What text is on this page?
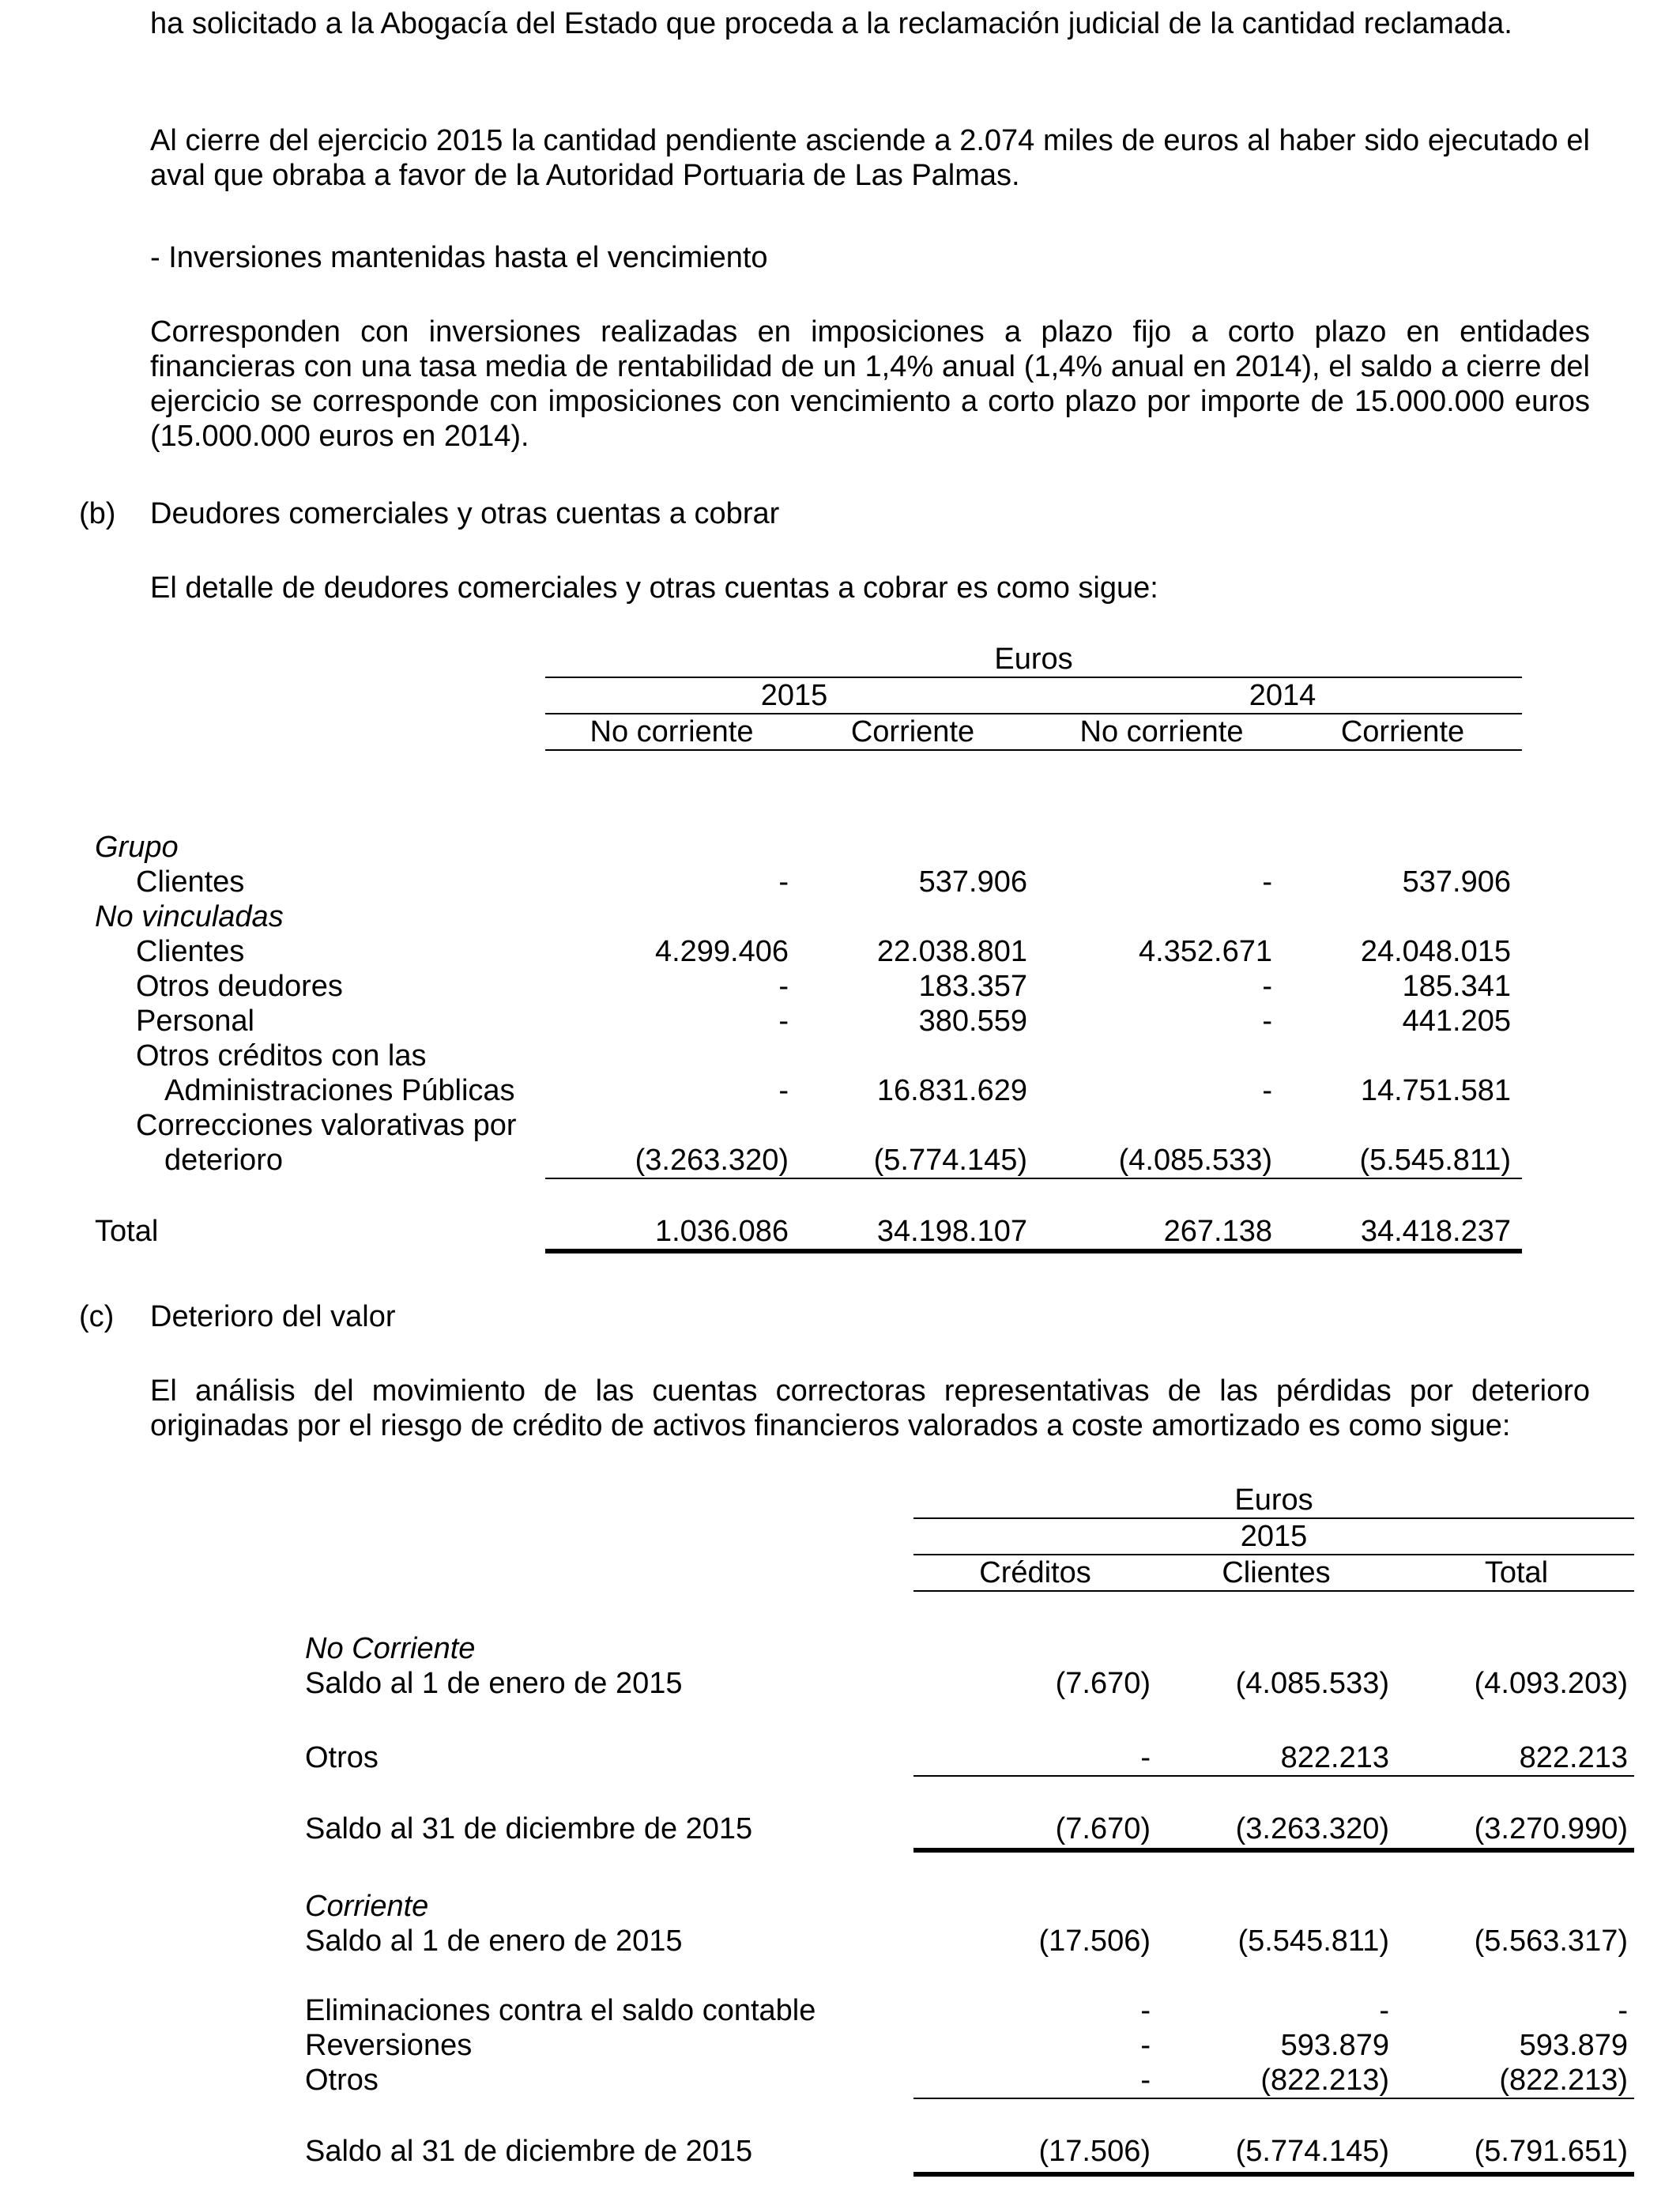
ha solicitado a la Abogacía del Estado que proceda a la reclamación judicial de la cantidad reclamada.

Al cierre del ejercicio 2015 la cantidad pendiente asciende a 2.074 miles de euros al haber sido ejecutado el aval que obraba a favor de la Autoridad Portuaria de Las Palmas.

- Inversiones mantenidas hasta el vencimiento

Corresponden con inversiones realizadas en imposiciones a plazo fijo a corto plazo en entidades financieras con una tasa media de rentabilidad de un 1,4% anual (1,4% anual en 2014), el saldo a cierre del ejercicio se corresponde con imposiciones con vencimiento a corto plazo por importe de 15.000.000 euros (15.000.000 euros en 2014).

(b) Deudores comerciales y otras cuentas a cobrar
El detalle de deudores comerciales y otras cuentas a cobrar es como sigue:
Euros
2015	2014
No corriente	Corriente	No corriente	Corriente
Grupo
Clientes	-	537.906	-	537.906
No vinculadas
Clientes	4.299.406	22.038.801	4.352.671	24.048.015
Otros deudores	-	183.357	-	185.341
Personal	-	380.559	-	441.205
Otros créditos con las
Administraciones Públicas	-	16.831.629	-	14.751.581
Correcciones valorativas por
deterioro	(3.263.320)	(5.774.145)	(4.085.533)	(5.545.811)
Total	1.036.086	34.198.107	267.138	34.418.237
(c) Deterioro del valor

El análisis del movimiento de las cuentas correctoras representativas de las pérdidas por deterioro originadas por el riesgo de crédito de activos financieros valorados a coste amortizado es como sigue:

Euros
2015
Créditos	Clientes	Total
No Corriente
Saldo al 1 de enero de 2015	(7.670)	(4.085.533)	(4.093.203)
Otros	-	822.213	822.213
Saldo al 31 de diciembre de 2015	(7.670)	(3.263.320)	(3.270.990)
Corriente
Saldo al 1 de enero de 2015	(17.506)	(5.545.811)	(5.563.317)
Eliminaciones contra el saldo contable	-	-	-
Reversiones	-	593.879	593.879
Otros	-	(822.213)	(822.213)
Saldo al 31 de diciembre de 2015	(17.506)	(5.774.145)	(5.791.651)
